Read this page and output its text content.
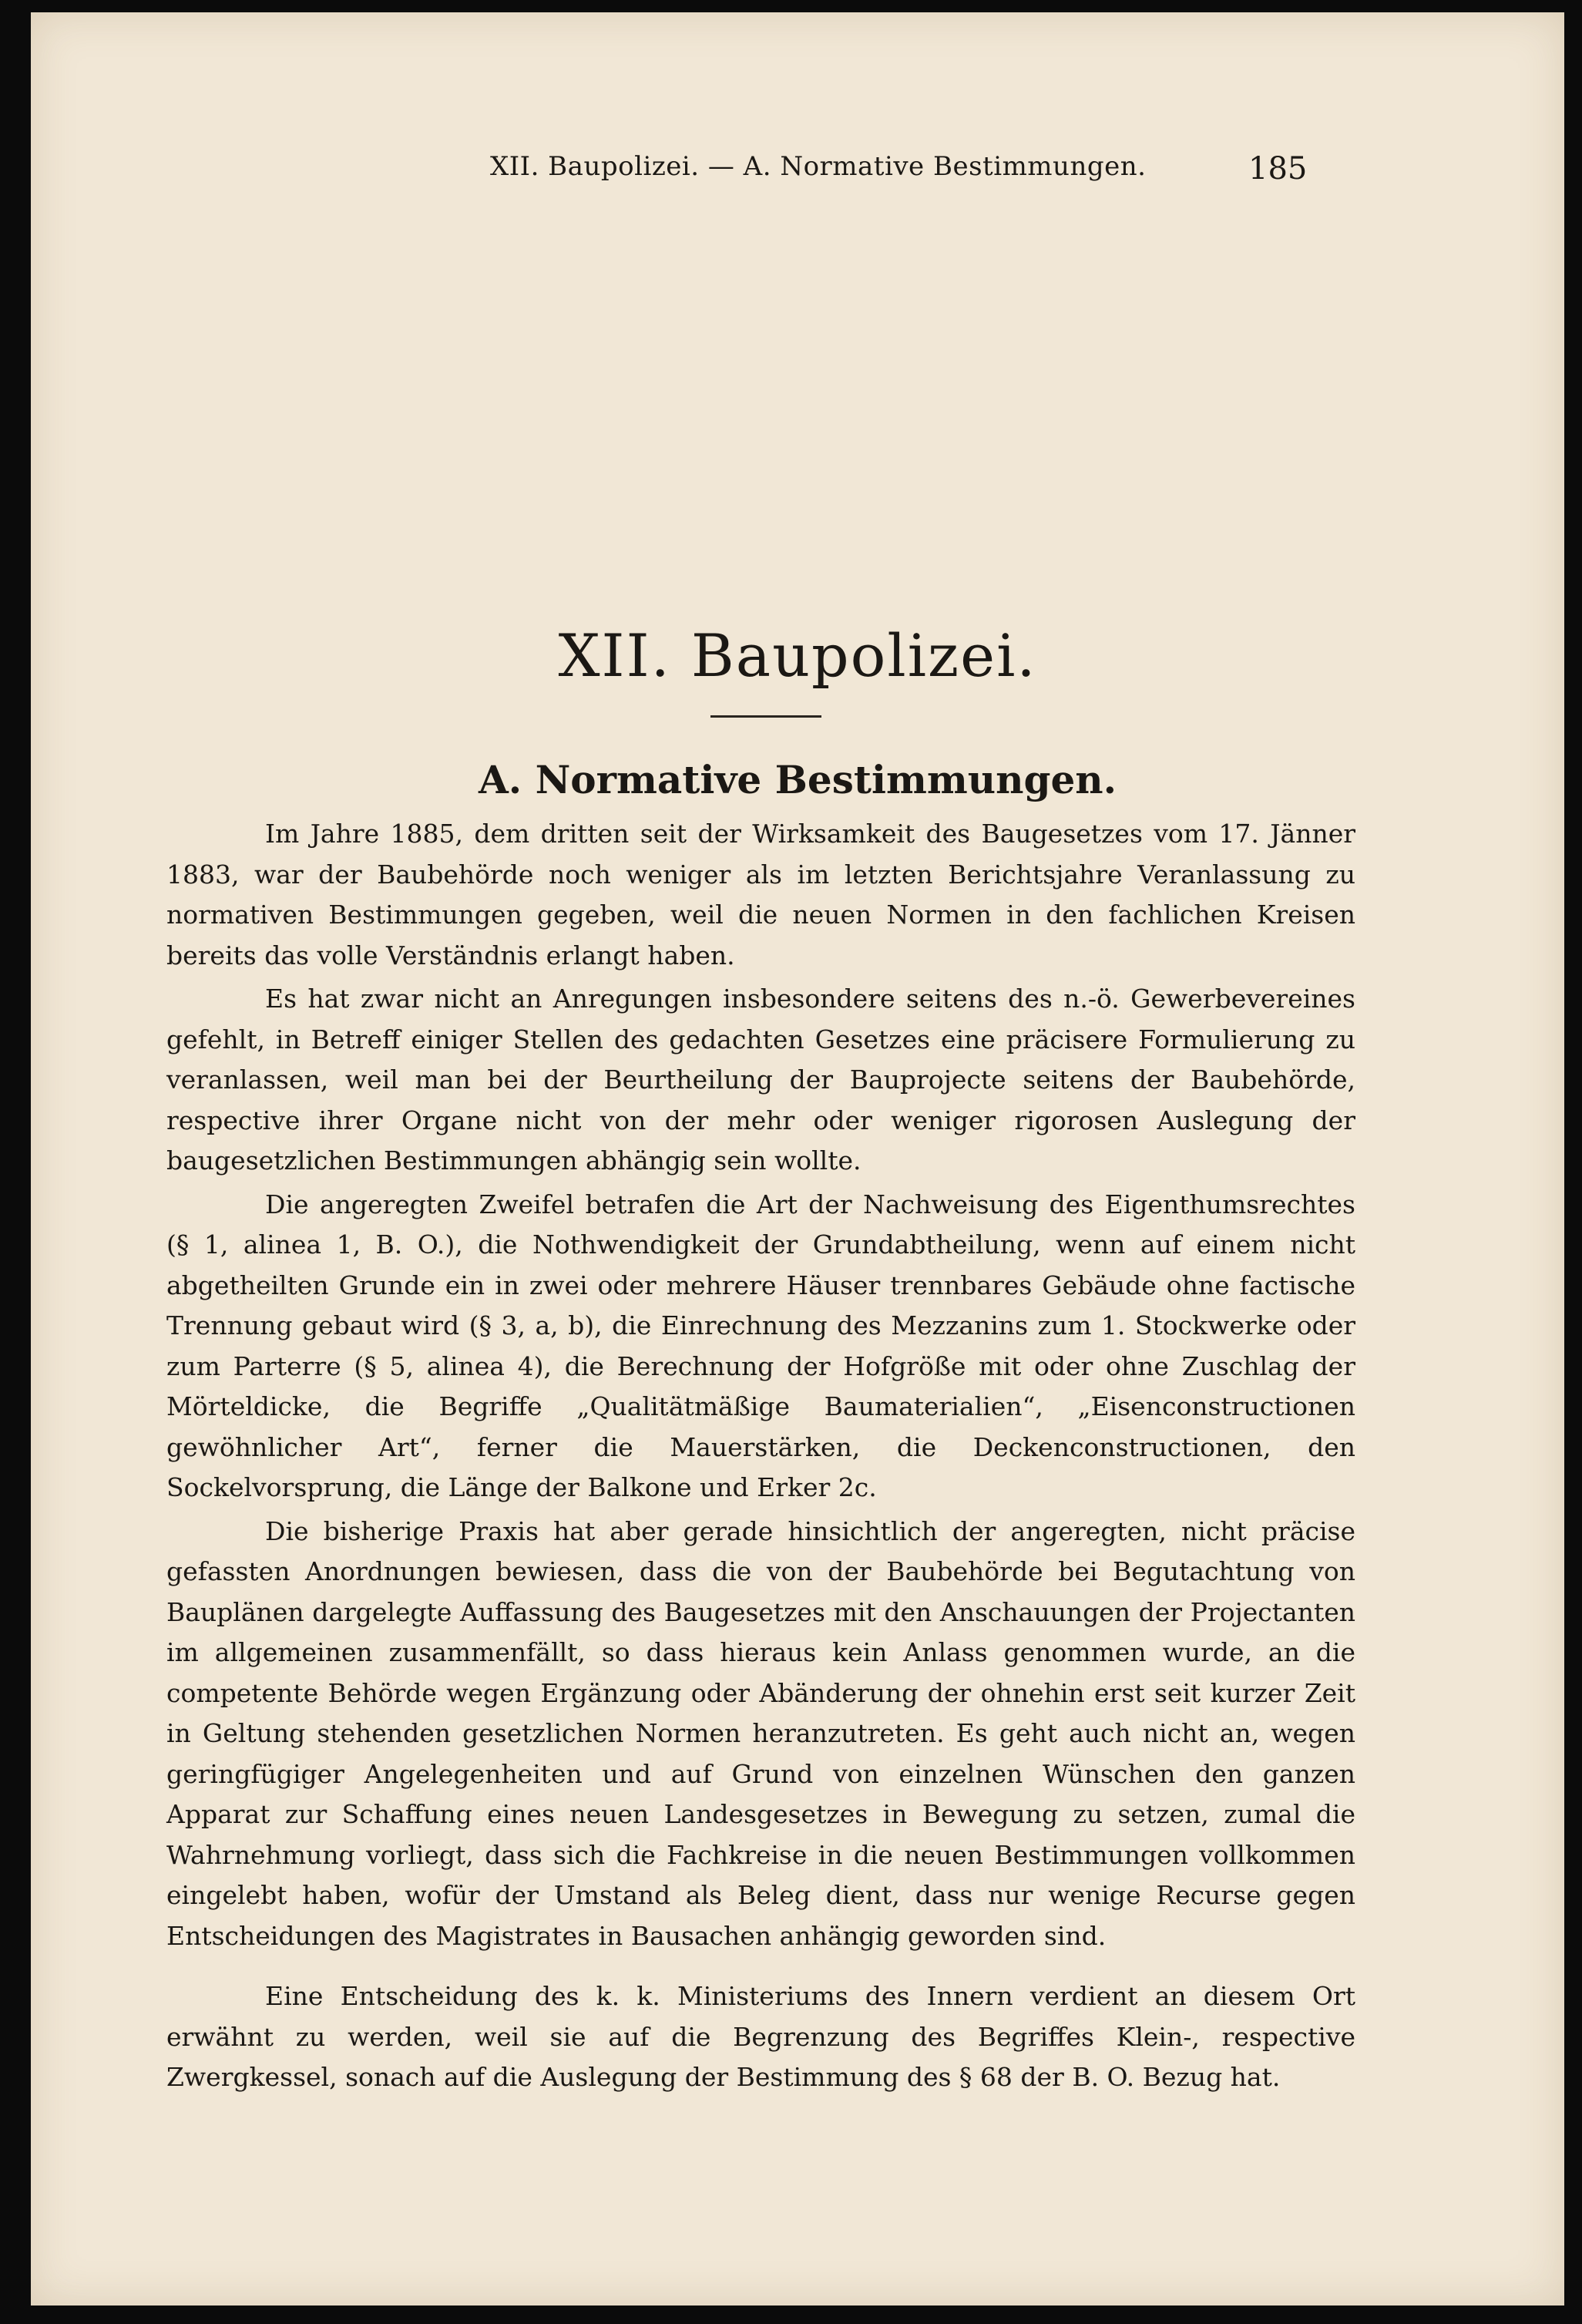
XII. Baupolizei. — A. Normative Bestimmungen.	185
XII. Baupolizei.
A. Normative Bestimmungen.

Im Jahre 1885, dem dritten seit der Wirksamkeit des Baugesetzes vom 17. Jänner 1883, war der Baubehörde noch weniger als im letzten Berichtsjahre Veranlassung zu normativen Bestimmungen gegeben, weil die neuen Normen in den fachlichen Kreisen bereits das volle Verständnis erlangt haben.

Es hat zwar nicht an Anregungen insbesondere seitens des n.-ö. Gewerbevereines gefehlt, in Betreff einiger Stellen des gedachten Gesetzes eine präcisere Formulierung zu veranlassen, weil man bei der Beurtheilung der Bauprojecte seitens der Baubehörde, respective ihrer Organe nicht von der mehr oder weniger rigorosen Auslegung der baugesetzlichen Bestimmungen abhängig sein wollte.

Die angeregten Zweifel betrafen die Art der Nachweisung des Eigenthumsrechtes (§ 1, alinea 1, B. O.), die Nothwendigkeit der Grundabtheilung, wenn auf einem nicht abgetheilten Grunde ein in zwei oder mehrere Häuser trennbares Gebäude ohne factische Trennung gebaut wird (§ 3, a, b), die Einrechnung des Mezzanins zum 1. Stockwerke oder zum Parterre (§ 5, alinea 4), die Berechnung der Hofgröße mit oder ohne Zuschlag der Mörteldicke, die Begriffe „Qualitätmäßige Baumaterialien“, „Eisenconstructionen gewöhnlicher Art“, ferner die Mauerstärken, die Deckenconstructionen, den Sockelvorsprung, die Länge der Balkone und Erker 2c.

Die bisherige Praxis hat aber gerade hinsichtlich der angeregten, nicht präcise gefassten Anordnungen bewiesen, dass die von der Baubehörde bei Begutachtung von Bauplänen dargelegte Auffassung des Baugesetzes mit den Anschauungen der Projectanten im allgemeinen zusammenfällt, so dass hieraus kein Anlass genommen wurde, an die competente Behörde wegen Ergänzung oder Abänderung der ohnehin erst seit kurzer Zeit in Geltung stehenden gesetzlichen Normen heranzutreten. Es geht auch nicht an, wegen geringfügiger Angelegenheiten und auf Grund von einzelnen Wünschen den ganzen Apparat zur Schaffung eines neuen Landesgesetzes in Bewegung zu setzen, zumal die Wahrnehmung vorliegt, dass sich die Fachkreise in die neuen Bestimmungen vollkommen eingelebt haben, wofür der Umstand als Beleg dient, dass nur wenige Recurse gegen Entscheidungen des Magistrates in Bausachen anhängig geworden sind.

Eine Entscheidung des k. k. Ministeriums des Innern verdient an diesem Ort erwähnt zu werden, weil sie auf die Begrenzung des Begriffes Klein-, respective Zwergkessel, sonach auf die Auslegung der Bestimmung des § 68 der B. O. Bezug hat.
